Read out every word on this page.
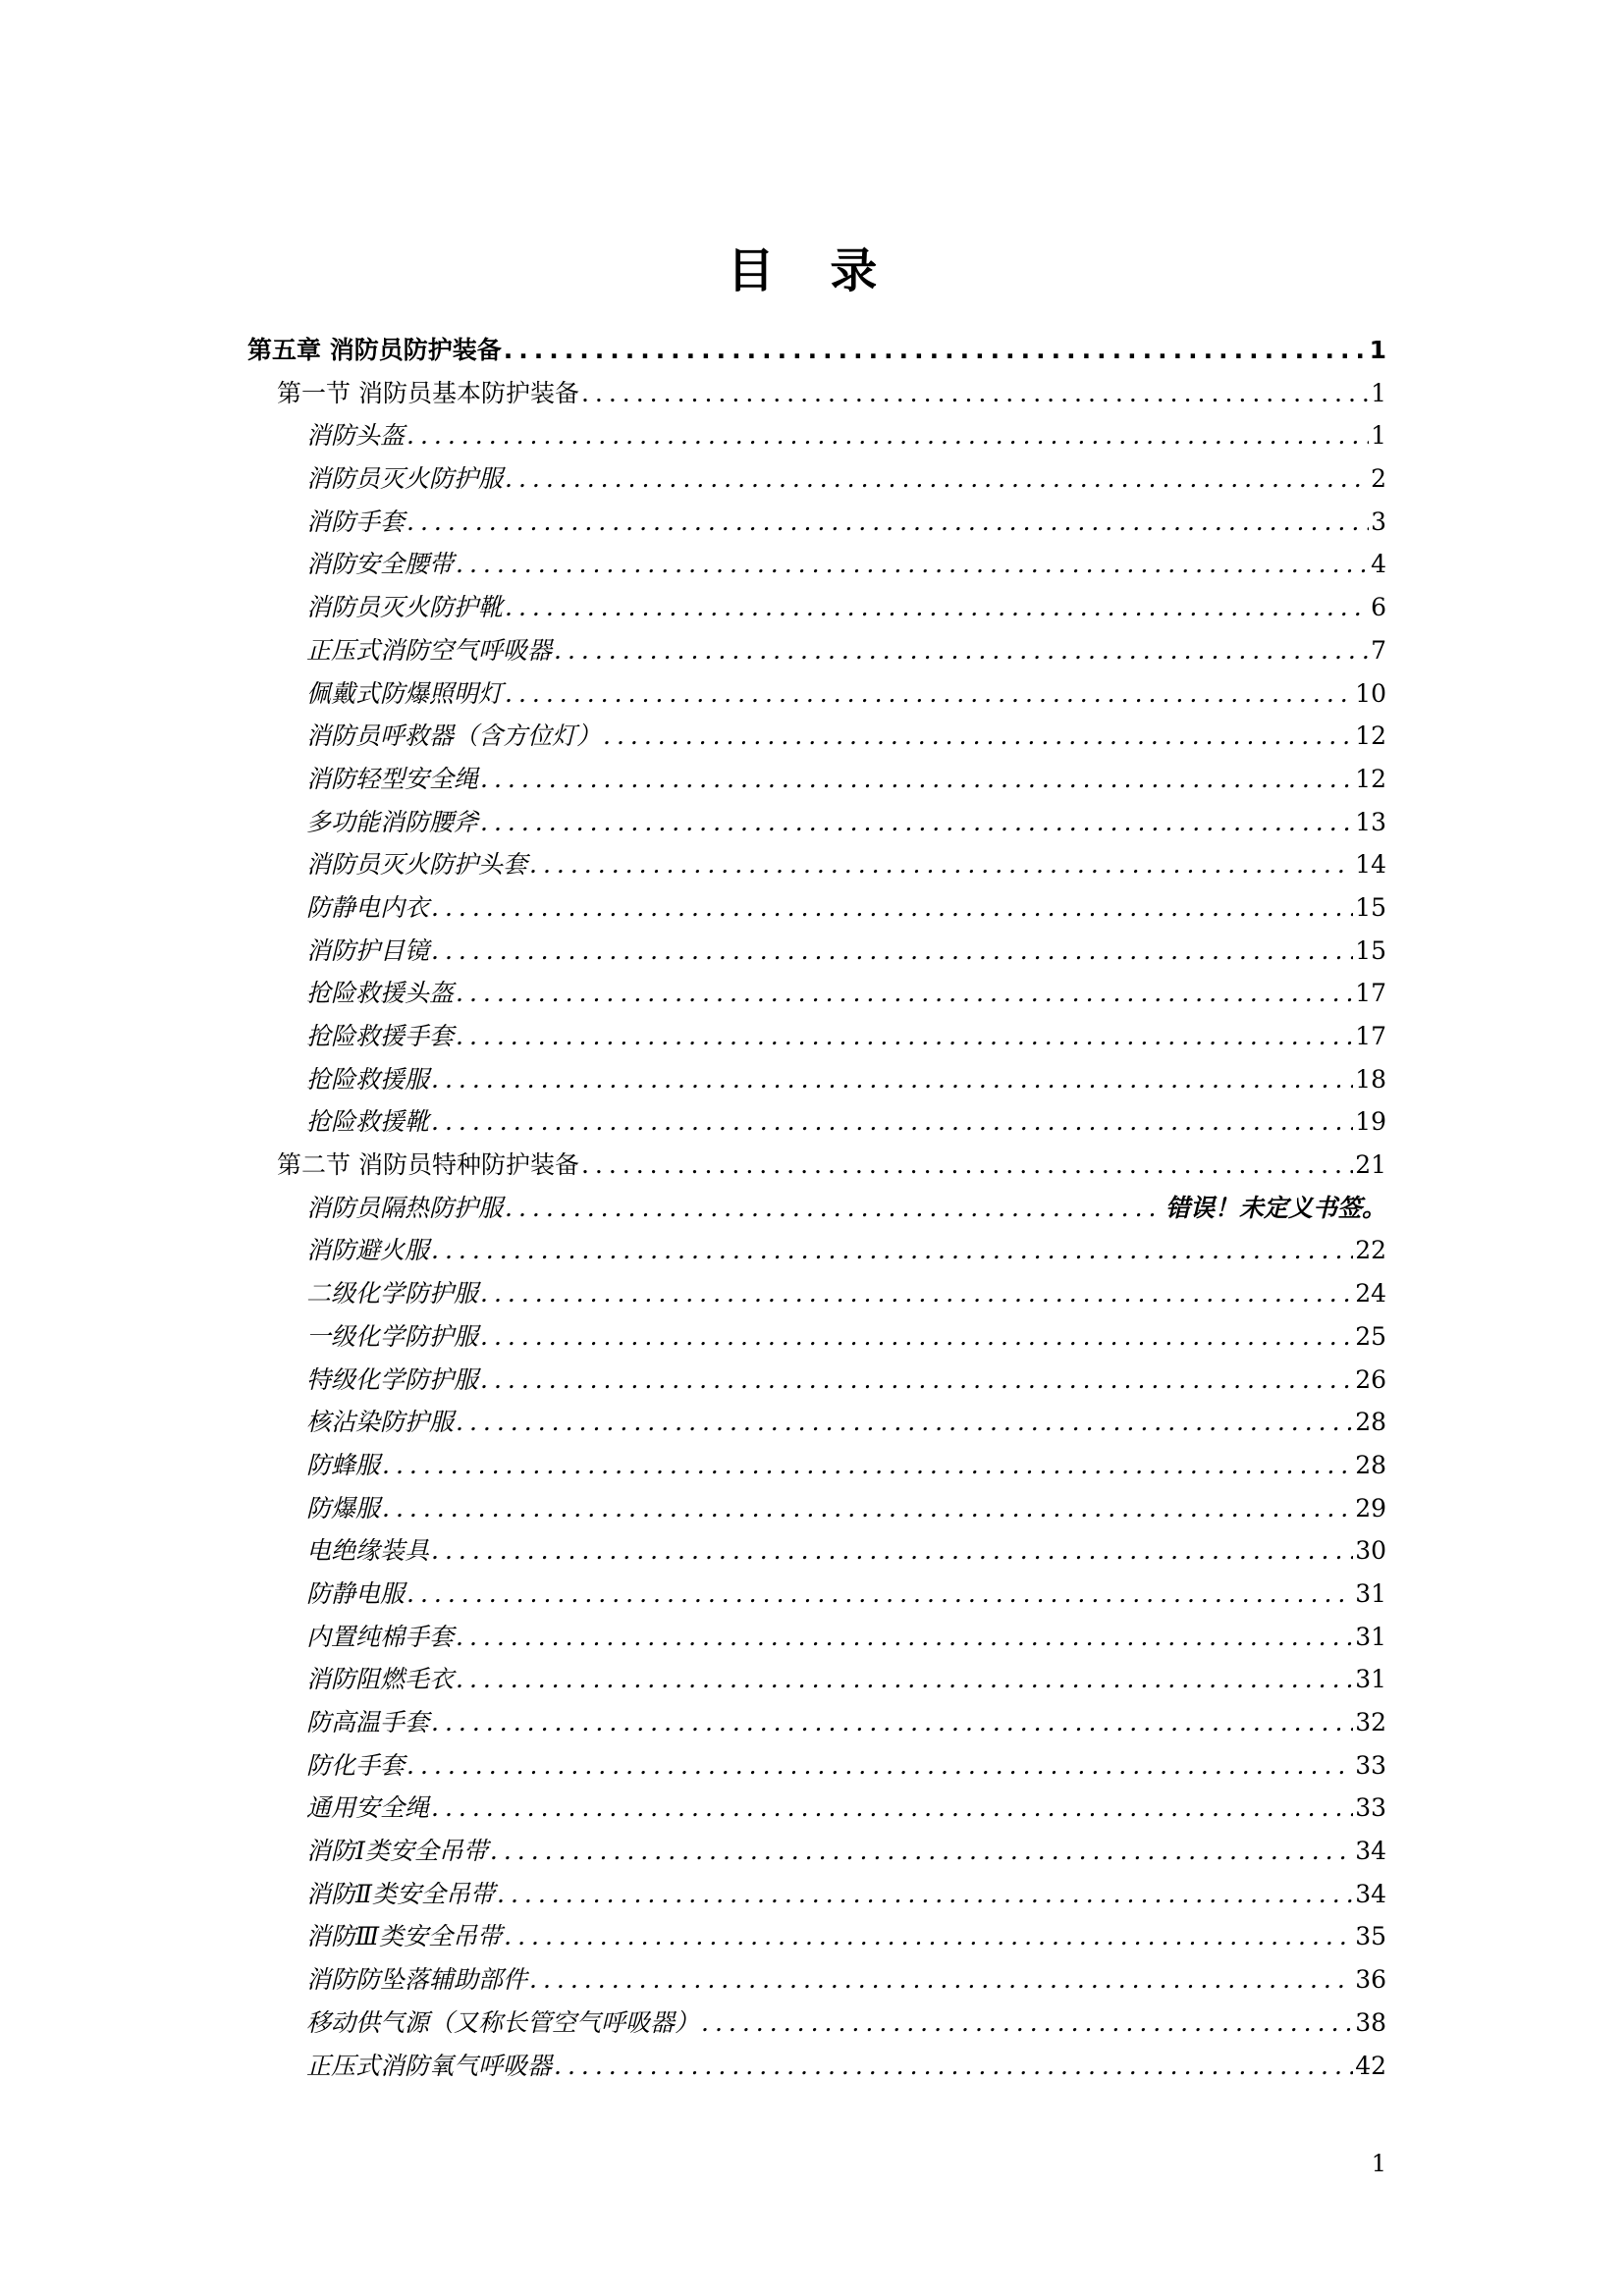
目 录
第五章 消防员防护装备 .....	1
第一节 消防员基本防护装备 .....	1
消防头盔 .....	1
消防员灭火防护服 .....	2
消防手套 .....	3
消防安全腰带 .....	4
消防员灭火防护靴 .....	6
正压式消防空气呼吸器 .....	7
佩戴式防爆照明灯 .....	10
消防员呼救器（含方位灯） .....	12
消防轻型安全绳 .....	12
多功能消防腰斧 .....	13
消防员灭火防护头套 .....	14
防静电内衣 .....	15
消防护目镜 .....	15
抢险救援头盔 .....	17
抢险救援手套 .....	17
抢险救援服 .....	18
抢险救援靴 .....	19
第二节 消防员特种防护装备 .....	21
消防员隔热防护服 .....	错误！未定义书签。
消防避火服 .....	22
二级化学防护服 .....	24
一级化学防护服 .....	25
特级化学防护服 .....	26
核沾染防护服 .....	28
防蜂服 .....	28
防爆服 .....	29
电绝缘装具 .....	30
防静电服 .....	31
内置纯棉手套 .....	31
消防阻燃毛衣 .....	31
防高温手套 .....	32
防化手套 .....	33
通用安全绳 .....	33
消防Ⅰ类安全吊带 .....	34
消防Ⅱ类安全吊带 .....	34
消防Ⅲ类安全吊带 .....	35
消防防坠落辅助部件 .....	36
移动供气源（又称长管空气呼吸器） .....	38
正压式消防氧气呼吸器 .....	42
1
